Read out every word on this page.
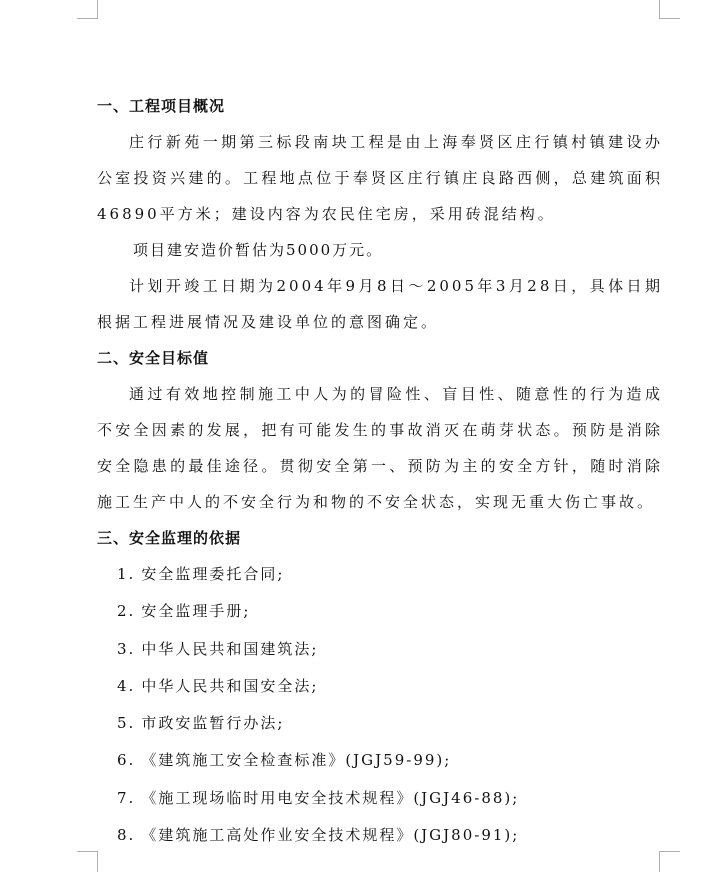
一、工程项目概况

庄行新苑一期第三标段南块工程是由上海奉贤区庄行镇村镇建设办公室投资兴建的。工程地点位于奉贤区庄行镇庄良路西侧，总建筑面积46890平方米；建设内容为农民住宅房，采用砖混结构。

项目建安造价暂估为5000万元。

计划开竣工日期为2004年9月8日～2005年3月28日，具体日期根据工程进展情况及建设单位的意图确定。

二、安全目标值

通过有效地控制施工中人为的冒险性、盲目性、随意性的行为造成不安全因素的发展，把有可能发生的事故消灭在萌芽状态。预防是消除安全隐患的最佳途径。贯彻安全第一、预防为主的安全方针，随时消除施工生产中人的不安全行为和物的不安全状态，实现无重大伤亡事故。

三、安全监理的依据
1. 安全监理委托合同;
2. 安全监理手册;
3. 中华人民共和国建筑法;
4. 中华人民共和国安全法;
5. 市政安监暂行办法;
6. 《建筑施工安全检查标准》(JGJ59-99);
7. 《施工现场临时用电安全技术规程》(JGJ46-88);
8. 《建筑施工高处作业安全技术规程》(JGJ80-91);
